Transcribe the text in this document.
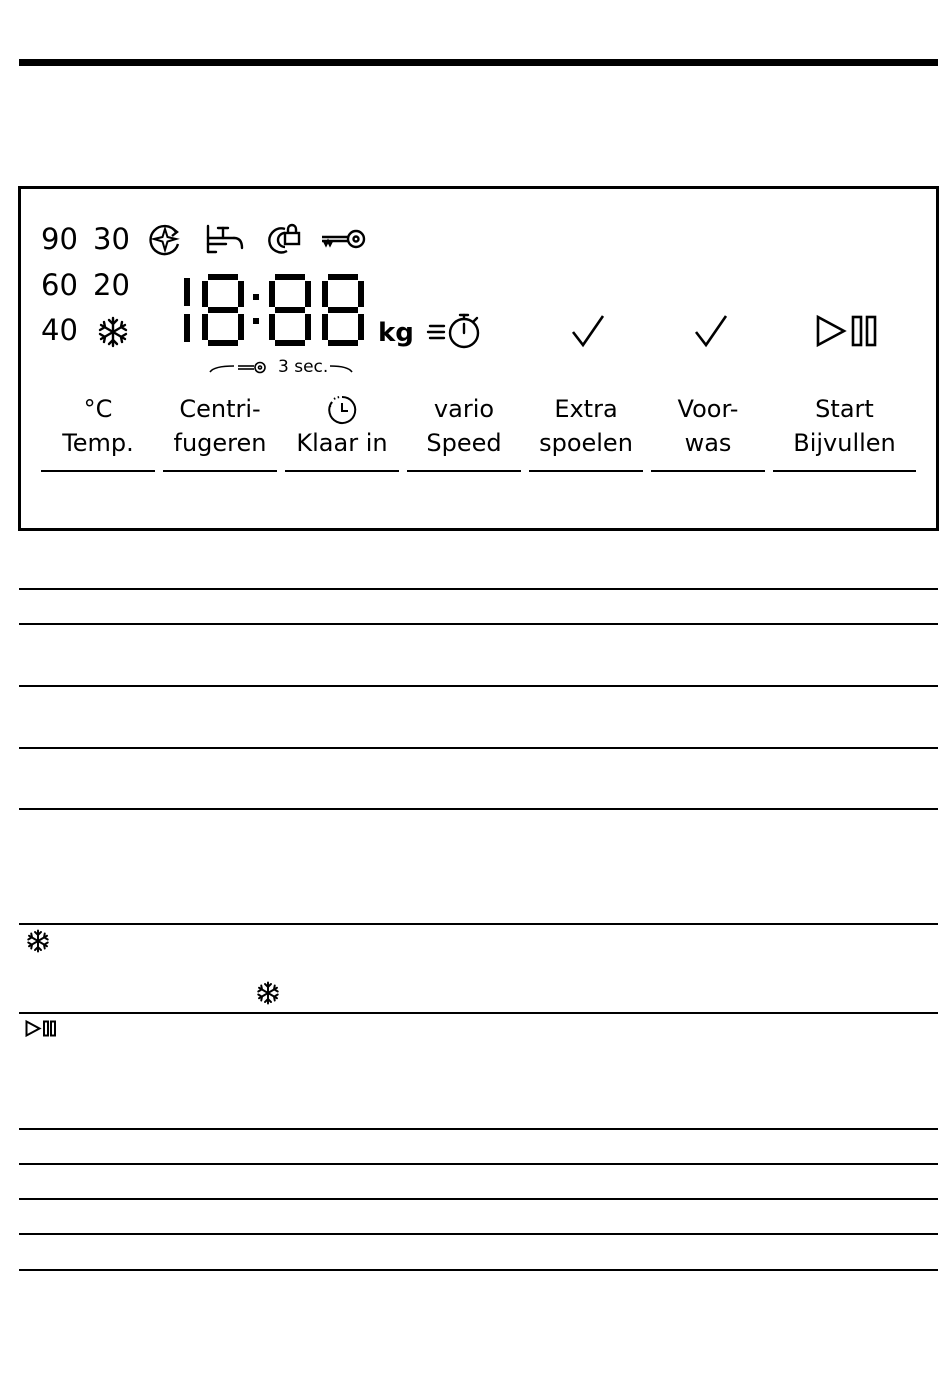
90 30
60 20
40	kg
3 sec.
°C
Temp.
Centri-
fugeren	Klaar in
vario
Speed
Extra
spoelen
Voor-
was
Start
Bijvullen
